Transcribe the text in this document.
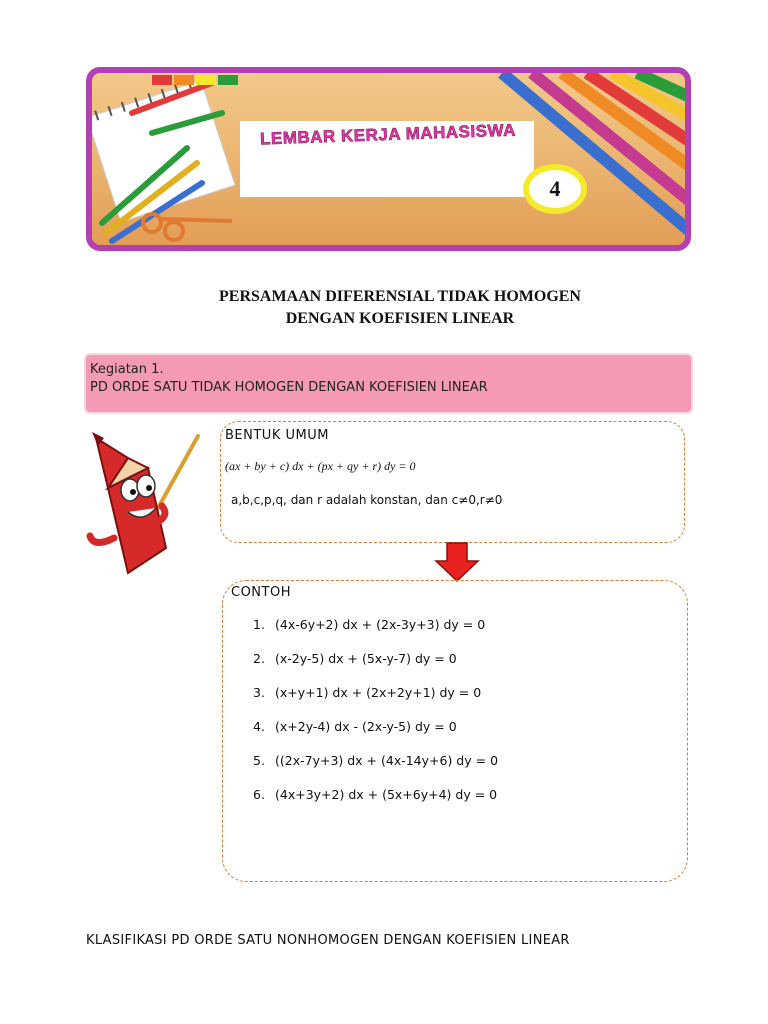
LEMBAR KERJA MAHASISWA
4
PERSAMAAN DIFERENSIAL TIDAK HOMOGEN
DENGAN KOEFISIEN LINEAR
Kegiatan 1.
PD ORDE SATU TIDAK HOMOGEN DENGAN KOEFISIEN LINEAR
BENTUK UMUM
(ax + by + c) dx + (px + qy + r) dy = 0
a,b,c,p,q, dan r adalah konstan, dan c≠0,r≠0
CONTOH
1. (4x-6y+2) dx + (2x-3y+3) dy = 0
2. (x-2y-5) dx + (5x-y-7) dy = 0
3. (x+y+1) dx + (2x+2y+1) dy = 0
4. (x+2y-4) dx - (2x-y-5) dy = 0
5. ((2x-7y+3) dx + (4x-14y+6) dy = 0
6. (4x+3y+2) dx + (5x+6y+4) dy = 0
KLASIFIKASI PD ORDE SATU NONHOMOGEN DENGAN KOEFISIEN LINEAR
